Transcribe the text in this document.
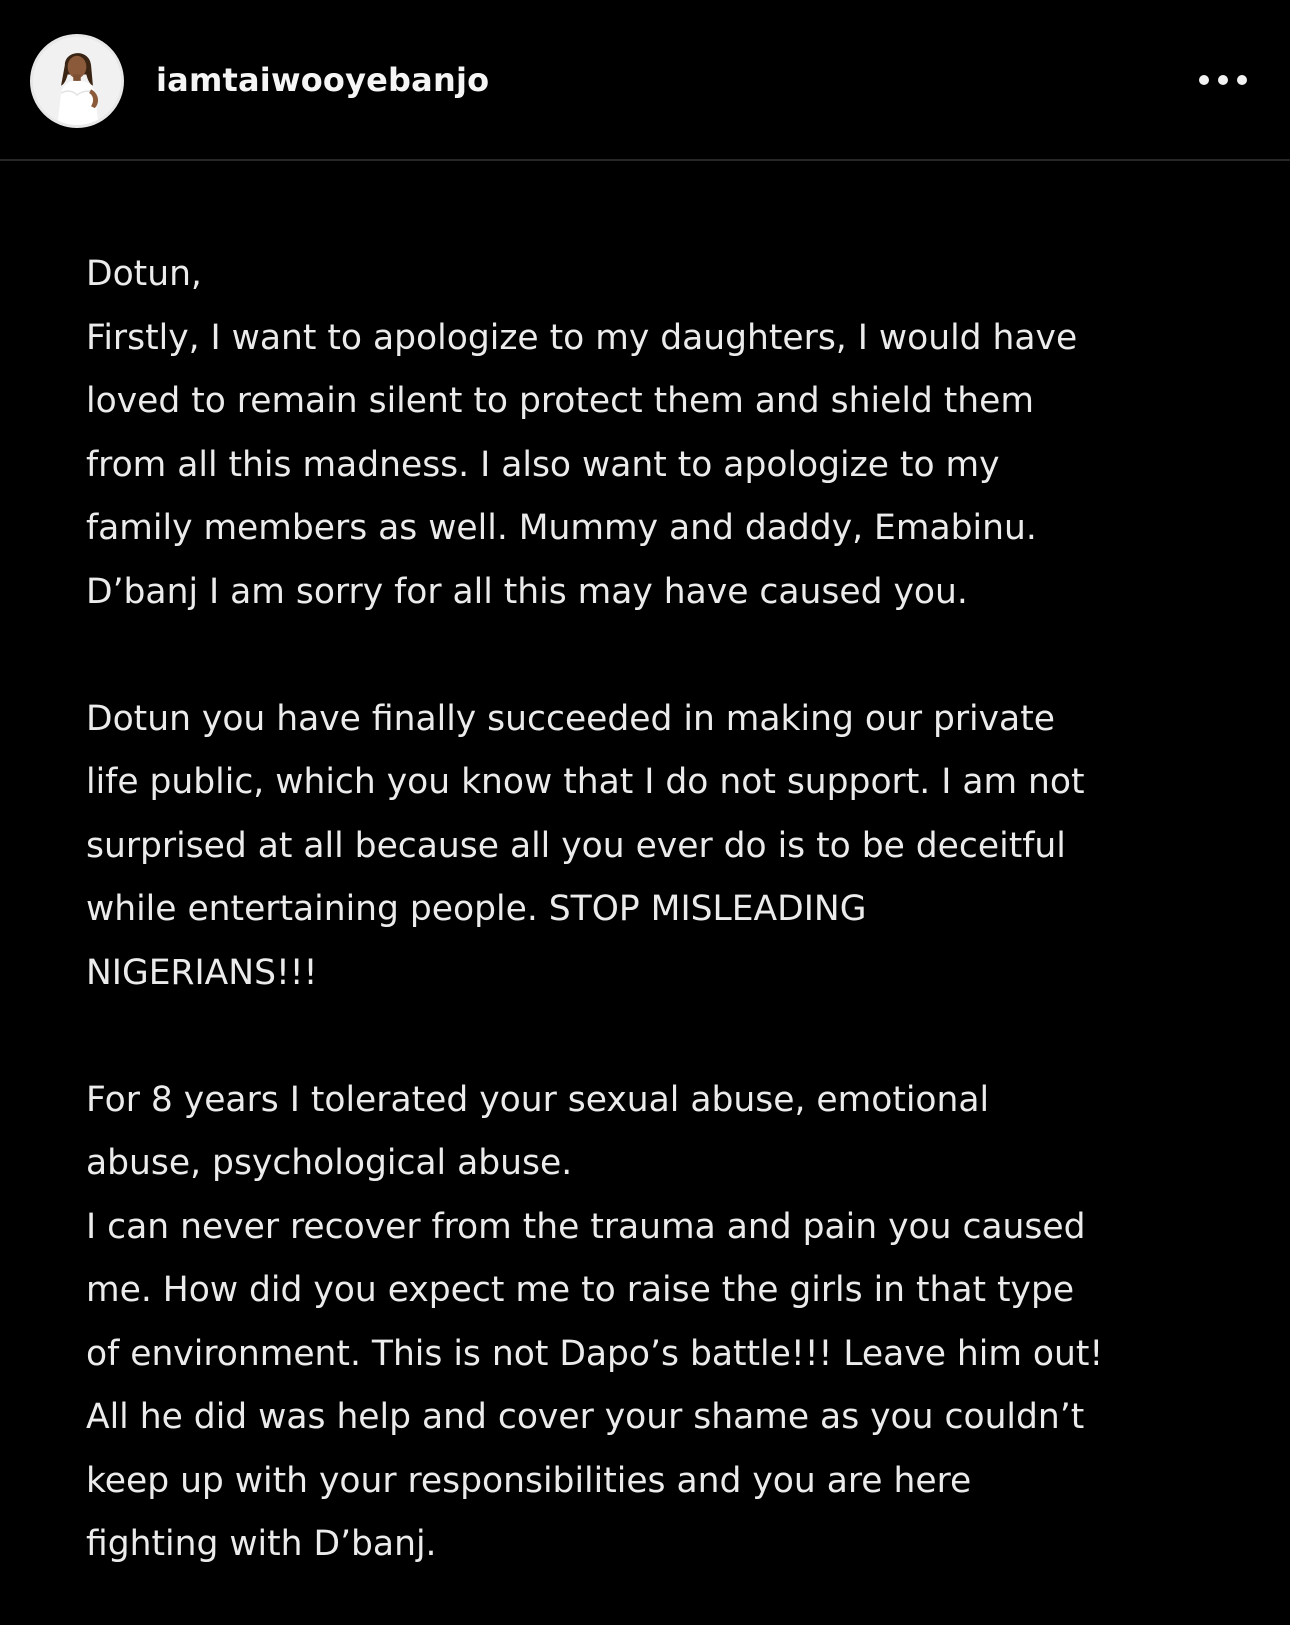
iamtaiwooyebanjo
Dotun,
Firstly, I want to apologize to my daughters, I would have
loved to remain silent to protect them and shield them
from all this madness. I also want to apologize to my
family members as well. Mummy and daddy, Emabinu.
D’banj I am sorry for all this may have caused you.
Dotun you have finally succeeded in making our private
life public, which you know that I do not support. I am not
surprised at all because all you ever do is to be deceitful
while entertaining people. STOP MISLEADING
NIGERIANS!!!
For 8 years I tolerated your sexual abuse, emotional
abuse, psychological abuse.
I can never recover from the trauma and pain you caused
me. How did you expect me to raise the girls in that type
of environment. This is not Dapo’s battle!!! Leave him out!
All he did was help and cover your shame as you couldn’t
keep up with your responsibilities and you are here
fighting with D’banj.
